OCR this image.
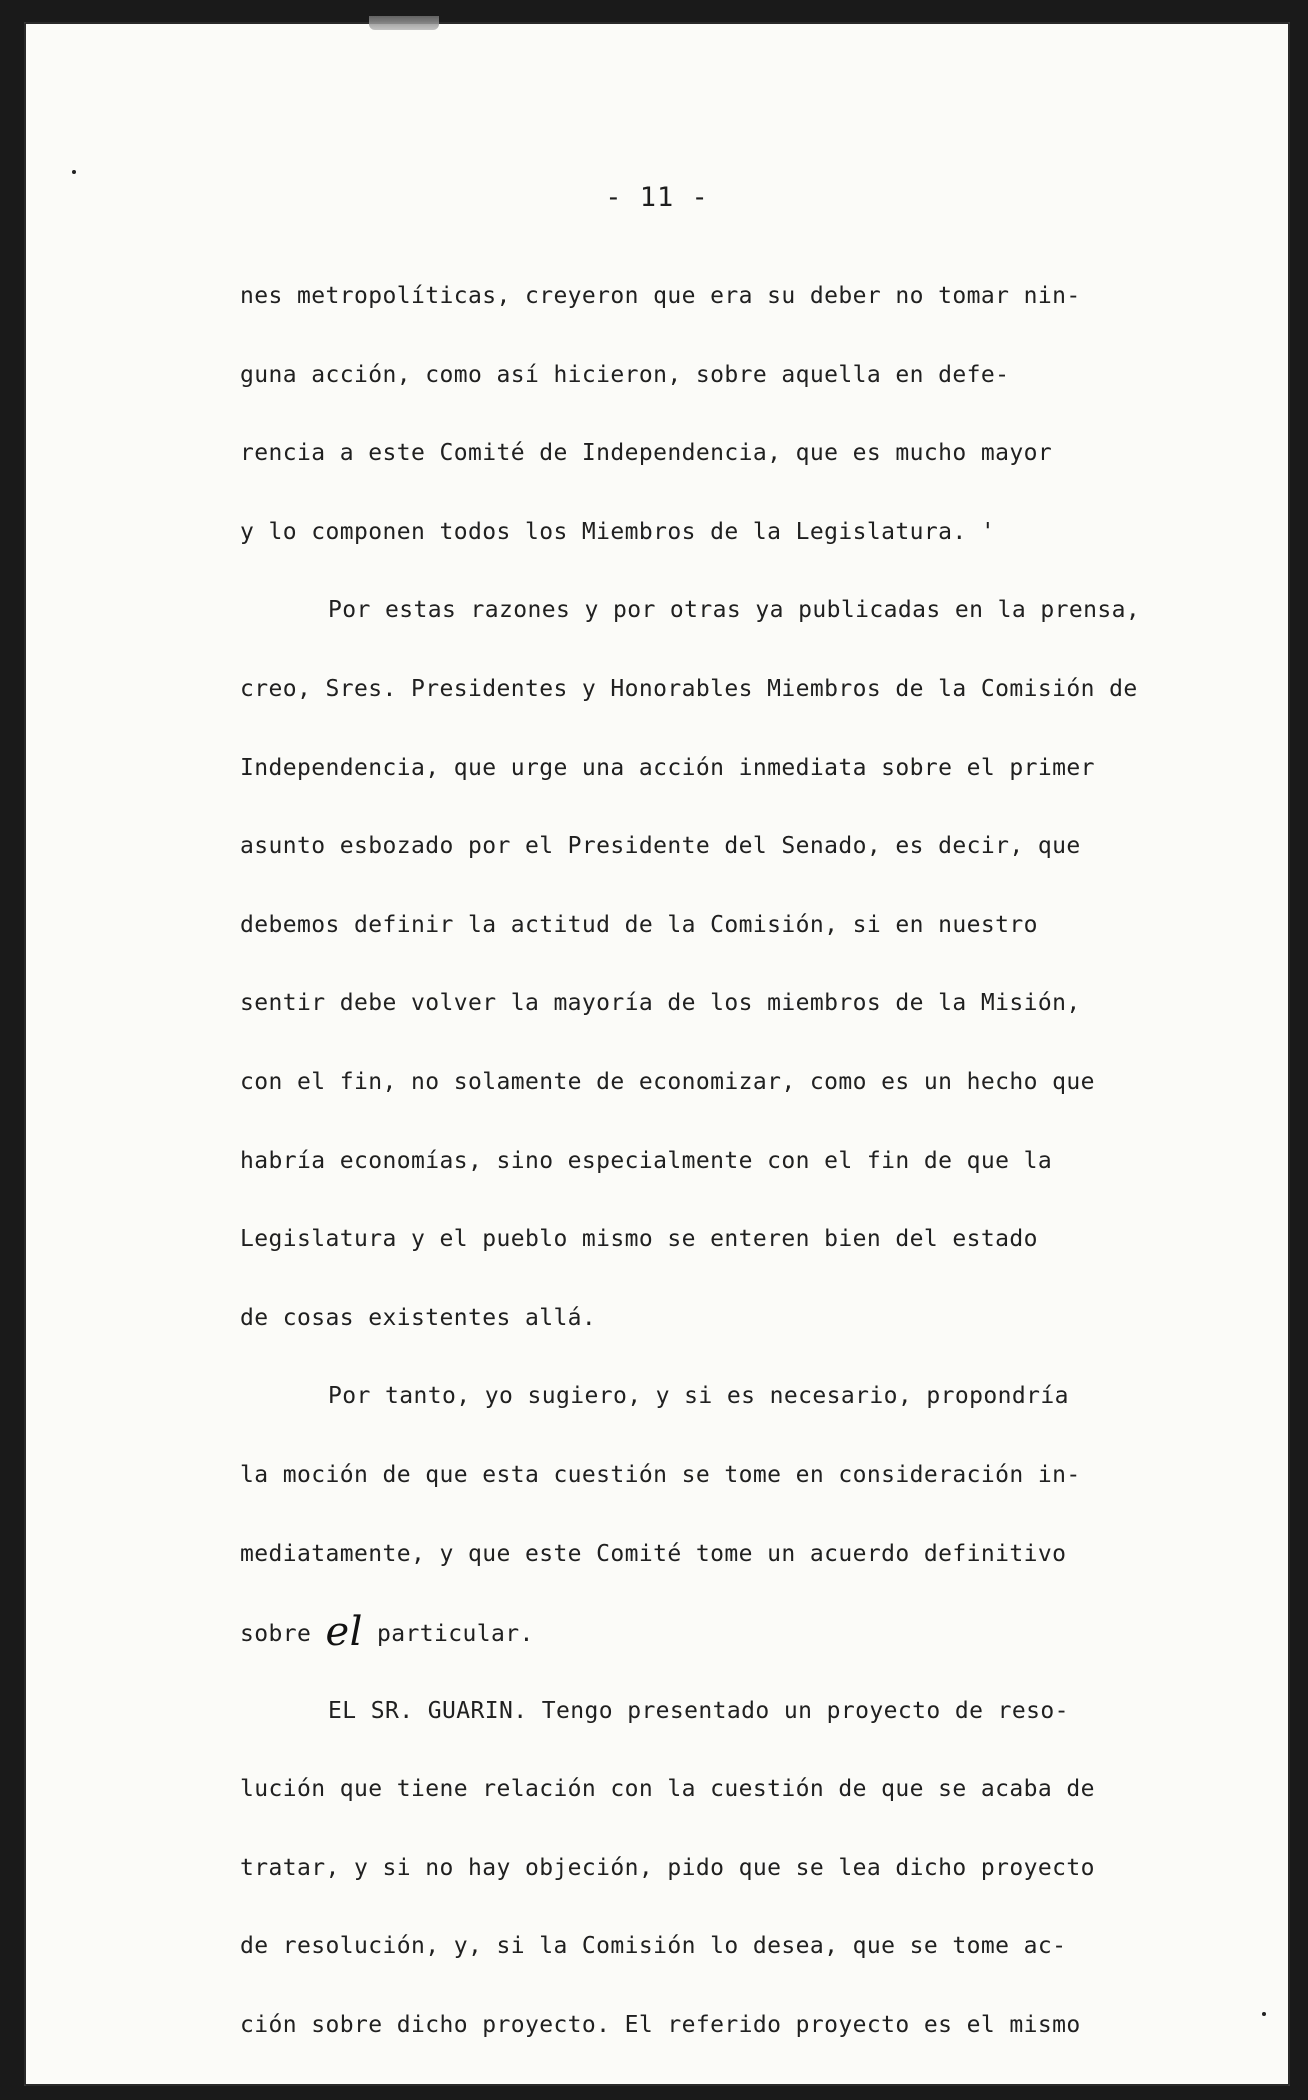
- 11 -

nes metropolíticas, creyeron que era su deber no tomar nin-

guna acción, como así hicieron, sobre aquella en defe-

rencia a este Comité de Independencia, que es mucho mayor

y lo componen todos los Miembros de la Legislatura. '

Por estas razones y por otras ya publicadas en la prensa,

creo, Sres. Presidentes y Honorables Miembros de la Comisión de

Independencia, que urge una acción inmediata sobre el primer

asunto esbozado por el Presidente del Senado, es decir, que

debemos definir la actitud de la Comisión, si en nuestro

sentir debe volver la mayoría de los miembros de la Misión,

con el fin, no solamente de economizar, como es un hecho que

habría economías, sino especialmente con el fin de que la

Legislatura y el pueblo mismo se enteren bien del estado

de cosas existentes allá.

Por tanto, yo sugiero, y si es necesario, propondría

la moción de que esta cuestión se tome en consideración in-

mediatamente, y que este Comité tome un acuerdo definitivo

sobre el particular.

EL SR. GUARIN. Tengo presentado un proyecto de reso-

lución que tiene relación con la cuestión de que se acaba de

tratar, y si no hay objeción, pido que se lea dicho proyecto

de resolución, y, si la Comisión lo desea, que se tome ac-

ción sobre dicho proyecto. El referido proyecto es el mismo
